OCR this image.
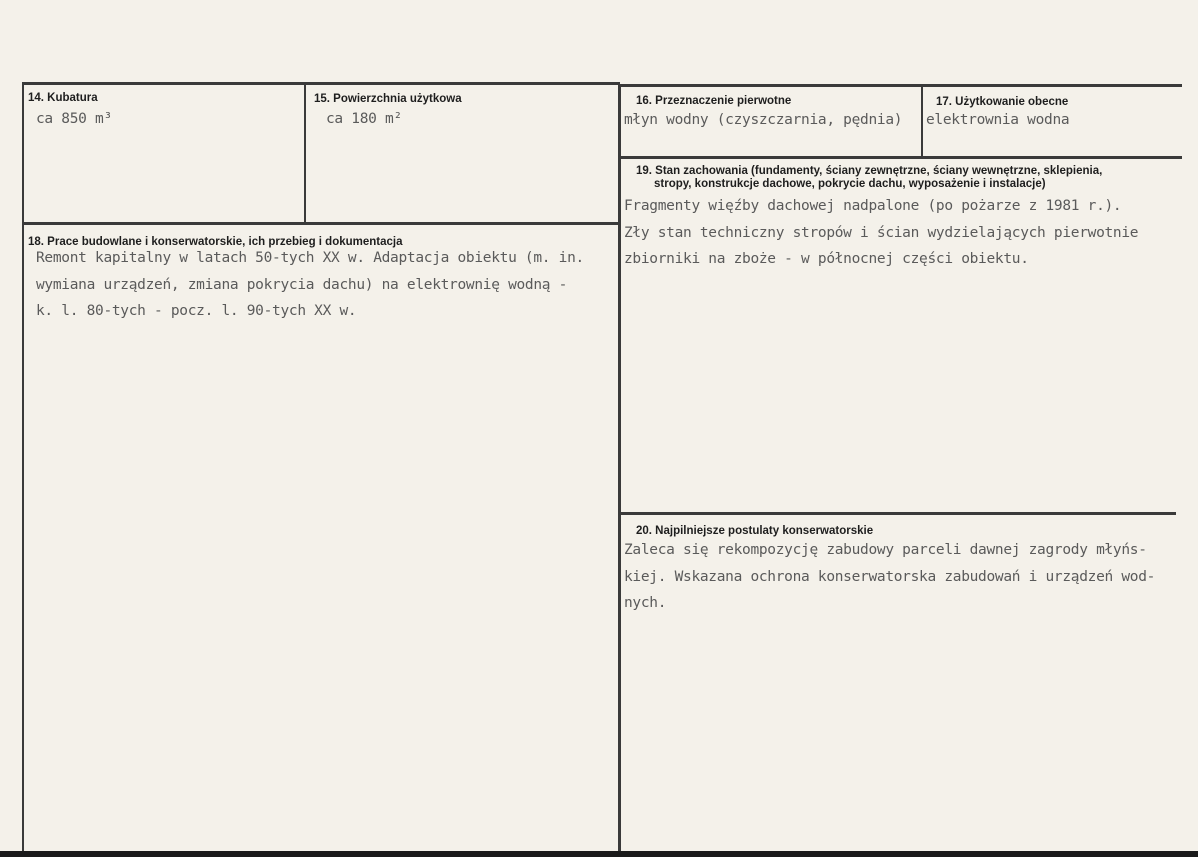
14. Kubatura
ca 850 m³
15. Powierzchnia użytkowa
ca 180 m²
16. Przeznaczenie pierwotne
młyn wodny (czyszczarnia, pędnia)
17. Użytkowanie obecne
elektrownia wodna
18. Prace budowlane i konserwatorskie, ich przebieg i dokumentacja
Remont kapitalny w latach 50-tych XX w. Adaptacja obiektu (m. in.
wymiana urządzeń, zmiana pokrycia dachu) na elektrownię wodną -
k. l. 80-tych - pocz. l. 90-tych XX w.
19. Stan zachowania (fundamenty, ściany zewnętrzne, ściany wewnętrzne, sklepienia,
stropy, konstrukcje dachowe, pokrycie dachu, wyposażenie i instalacje)
Fragmenty więźby dachowej nadpalone (po pożarze z 1981 r.).
Zły stan techniczny stropów i ścian wydzielających pierwotnie
zbiorniki na zboże - w północnej części obiektu.
20. Najpilniejsze postulaty konserwatorskie
Zaleca się rekompozycję zabudowy parceli dawnej zagrody młyńs-
kiej. Wskazana ochrona konserwatorska zabudowań i urządzeń wod-
nych.
